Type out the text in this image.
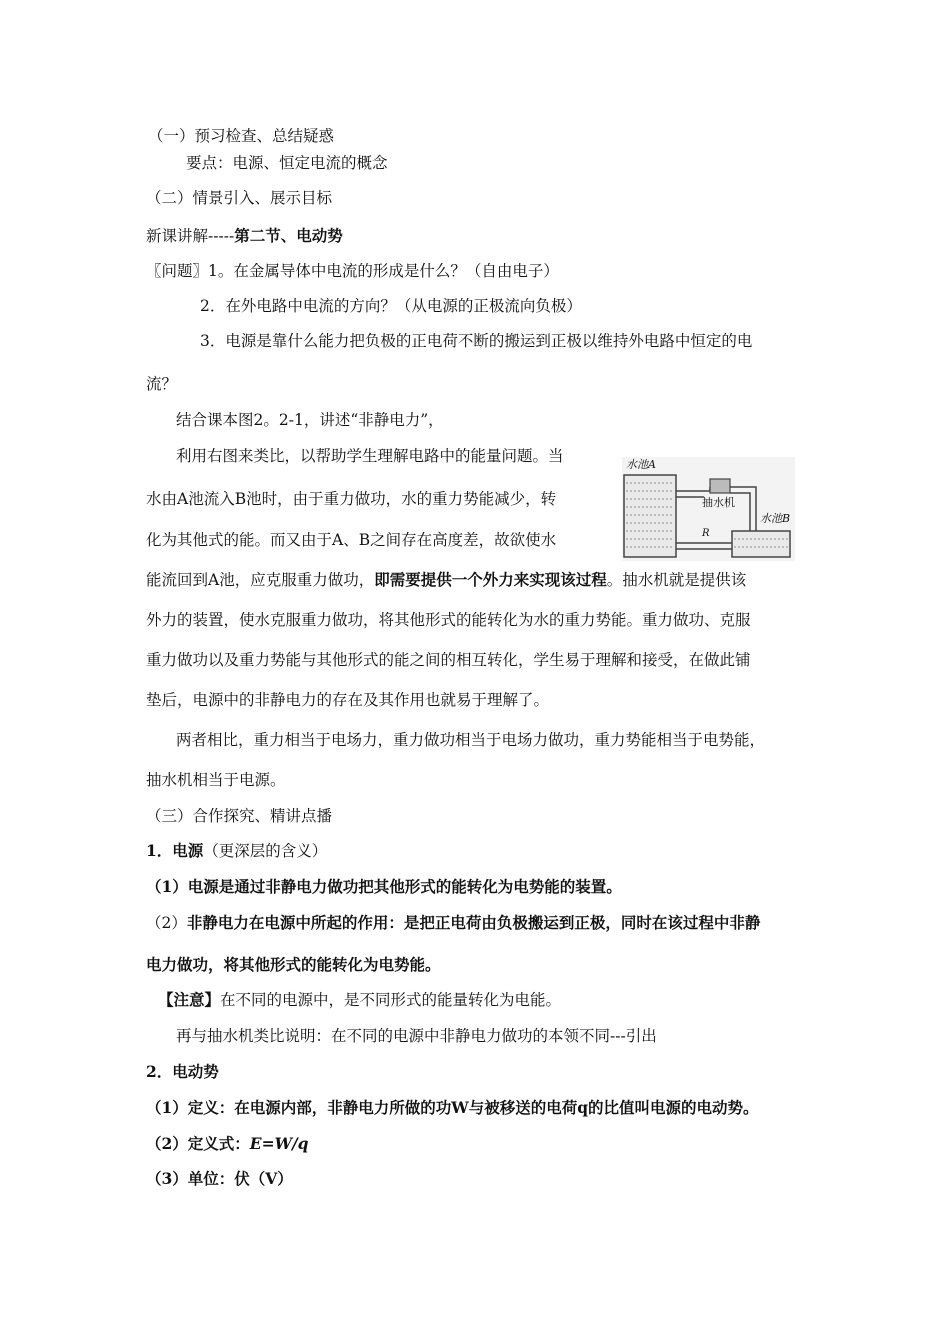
（一）预习检查、总结疑惑
要点：电源、恒定电流的概念
（二）情景引入、展示目标
新课讲解-----第二节、电动势
〖问题〗1。在金属导体中电流的形成是什么？（自由电子）
2．在外电路中电流的方向？（从电源的正极流向负极）
3．电源是靠什么能力把负极的正电荷不断的搬运到正极以维持外电路中恒定的电
流？
结合课本图2。2-1，讲述“非静电力”，
利用右图来类比，以帮助学生理解电路中的能量问题。当
水由A池流入B池时，由于重力做功，水的重力势能减少，转
化为其他式的能。而又由于A、B之间存在高度差，故欲使水
能流回到A池，应克服重力做功，即需要提供一个外力来实现该过程。抽水机就是提供该
外力的装置，使水克服重力做功，将其他形式的能转化为水的重力势能。重力做功、克服
重力做功以及重力势能与其他形式的能之间的相互转化，学生易于理解和接受，在做此铺
垫后，电源中的非静电力的存在及其作用也就易于理解了。
两者相比，重力相当于电场力，重力做功相当于电场力做功，重力势能相当于电势能，
抽水机相当于电源。
水池A
抽水机
水池B
R
（三）合作探究、精讲点播
1．电源（更深层的含义）
（1）电源是通过非静电力做功把其他形式的能转化为电势能的装置。
（2）非静电力在电源中所起的作用：是把正电荷由负极搬运到正极，同时在该过程中非静
电力做功，将其他形式的能转化为电势能。
【注意】在不同的电源中，是不同形式的能量转化为电能。
再与抽水机类比说明：在不同的电源中非静电力做功的本领不同---引出
2．电动势
（1）定义：在电源内部，非静电力所做的功W与被移送的电荷q的比值叫电源的电动势。
（2）定义式：E=W/q
（3）单位：伏（V）
